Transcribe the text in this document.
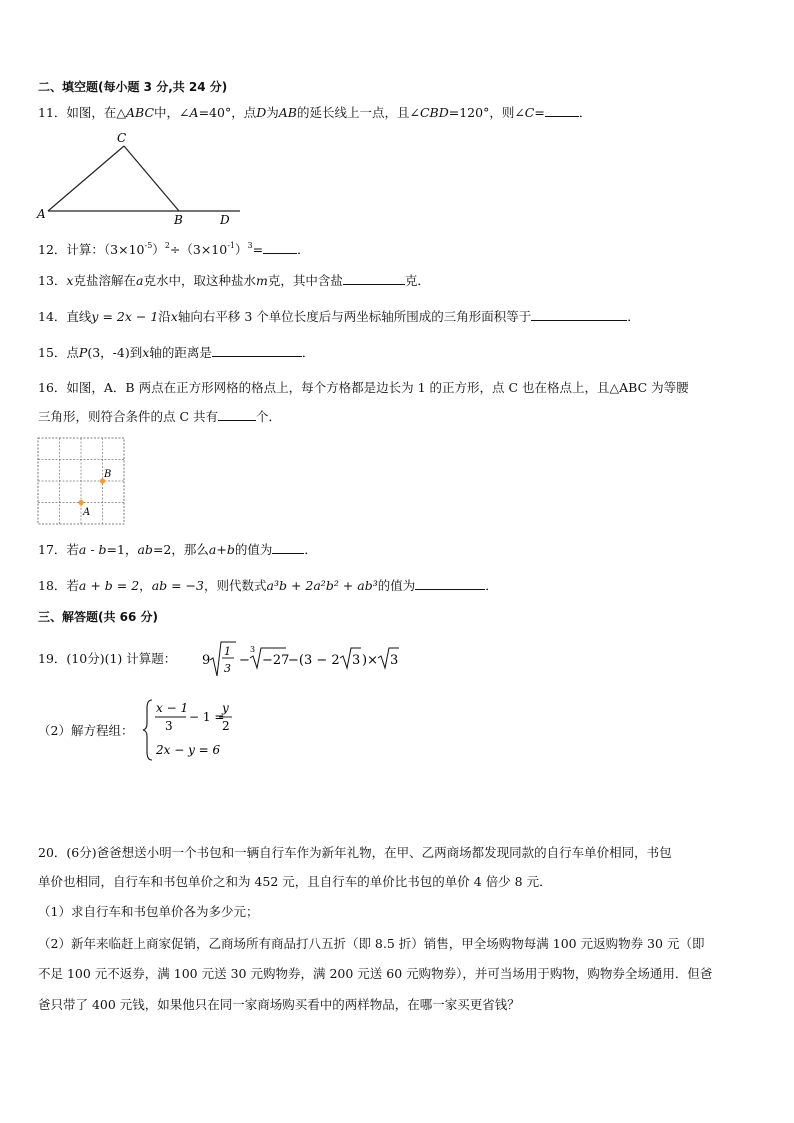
二、填空题(每小题 3 分,共 24 分)
11．如图，在△ABC中，∠A=40°，点D为AB的延长线上一点，且∠CBD=120°，则∠C=	．
C
A	B	D
12．计算：$(3\times 10^{-5})^2\div(3\times 10^{-1})^3=$	．
13．x克盐溶解在a克水中，取这种盐水m克，其中含盐	克．
14．直线y = 2x − 1沿x轴向右平移 3 个单位长度后与两坐标轴所围成的三角形面积等于	．
15．点P(3，-4)到x轴的距离是	．
16．如图，A．B 两点在正方形网格的格点上，每个方格都是边长为 1 的正方形，点 C 也在格点上，且△ABC 为等腰
三角形，则符合条件的点 C 共有	个．
B
A
17．若a - b=1，ab=2，那么a+b的值为	．
18．若a + b = 2，ab = −3，则代数式a³b + 2a²b² + ab³的值为	．
三、解答题(共 66 分)
19．(10分)(1) 计算题： 9
1
3
−
3
−27
−(3 − 2 3 )× 3
（2）解方程组：
x − 1
3
− 1 =
y
2
2x − y = 6
20．(6分)爸爸想送小明一个书包和一辆自行车作为新年礼物，在甲、乙两商场都发现同款的自行车单价相同，书包
单价也相同，自行车和书包单价之和为 452 元，且自行车的单价比书包的单价 4 倍少 8 元．
（1）求自行车和书包单价各为多少元；
（2）新年来临赶上商家促销，乙商场所有商品打八五折（即 8.5 折）销售，甲全场购物每满 100 元返购物券 30 元（即
不足 100 元不返券，满 100 元送 30 元购物券，满 200 元送 60 元购物券），并可当场用于购物，购物券全场通用．但爸
爸只带了 400 元钱，如果他只在同一家商场购买看中的两样物品，在哪一家买更省钱？
